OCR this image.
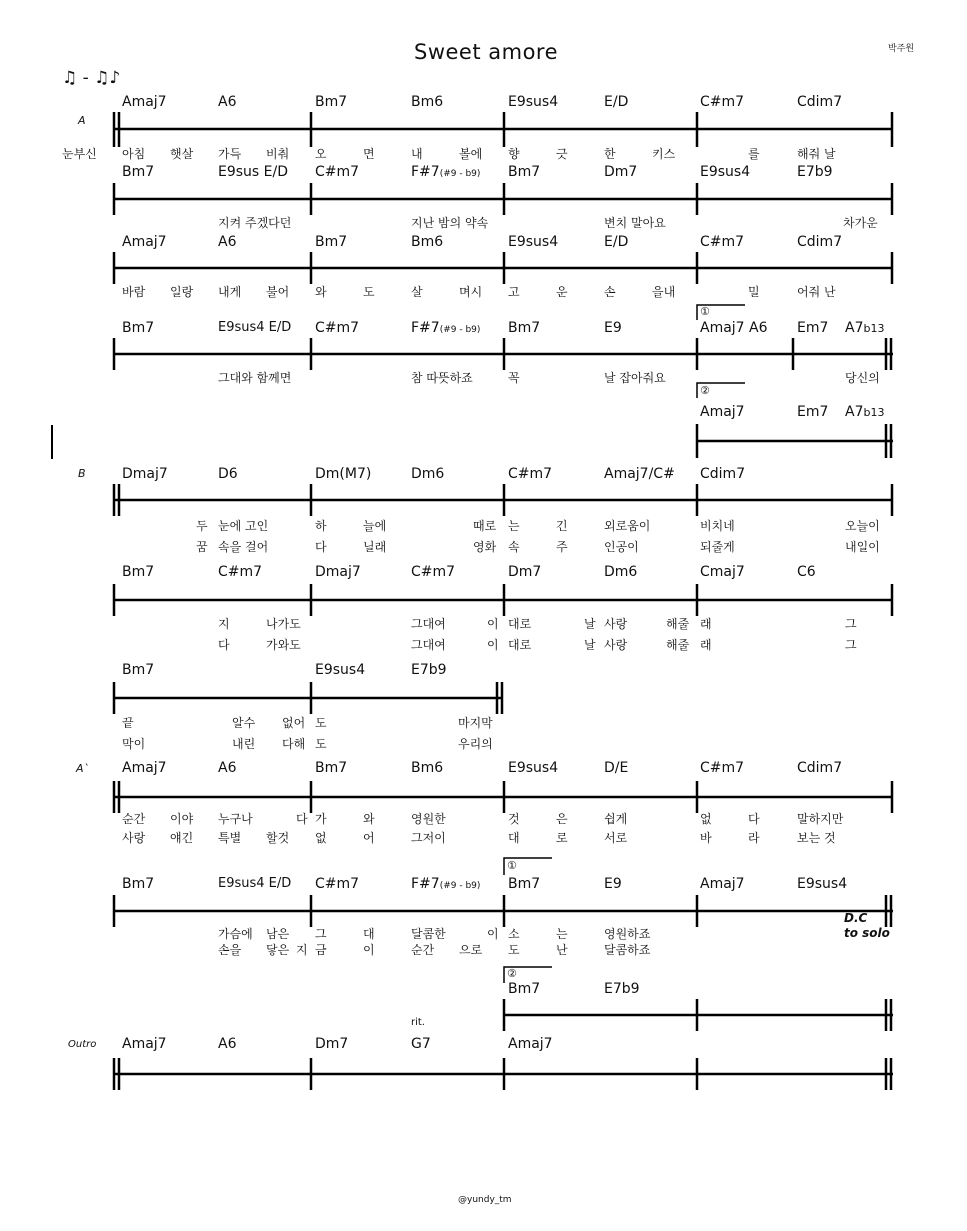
Sweet amore	박주원
♫ - ♫♪
A
B
A`
Outro
Amaj7	A6	Bm7	Bm6	E9sus4	E/D	C#m7	Cdim7
눈부신 아침 햇살 가득 비춰 오	면	내	볼에 향	긋	한	키스	를	해줘 날
Bm7	E9sus E/D C#m7	F#7(#9 - b9) Bm7	Dm7	E9sus4	E7b9
지켜 주겠다던	지난 밤의 약속	변치 말아요	차가운
Amaj7	A6	Bm7	Bm6	E9sus4	E/D	C#m7	Cdim7
바람 일랑 내게 불어 와	도	살	며시 고	운	손	을내	밀	어줘 난
①
Bm7	E9sus4 E/D C#m7	F#7(#9 - b9) Bm7	E9	Amaj7 A6 Em7 A7b13
그대와 함께면	참 따뜻하죠	꼭	날 잡아줘요	당신의
②
Amaj7	Em7 A7b13
Dmaj7	D6	Dm(M7)	Dm6	C#m7	Amaj7/C# Cdim7
두 눈에 고인	하	늘에	때로 는	긴	외로움이	비치네	오늘이
꿈 속을 걸어	다	닐래	영화 속	주	인공이	되줄게	내일이
Bm7	C#m7	Dmaj7	C#m7	Dm7	Dm6	Cmaj7	C6
지	나가도	그대여	이 대로	날 사랑	해줄 래	그
다	가와도	그대여	이 대로	날 사랑	해줄 래	그
Bm7	E9sus4	E7b9
끝	알수 없어 도	마지막
막이	내린 다해 도	우리의
Amaj7	A6	Bm7	Bm6	E9sus4	D/E	C#m7	Cdim7
순간 이야 누구나	다 가	와	영원한	것	은	쉽게	없	다	말하지만
사랑 얘긴 특별 할것 없	어	그저이	대	로	서로	바	라	보는 것
①
Bm7	E9sus4 E/D C#m7	F#7(#9 - b9) Bm7	E9	Amaj7	E9sus4
D.C
to solo
가슴에 남은 그	대	달콤한	이 소	는	영원하죠
손을 닿은 지 금	이	순간 으로 도	난	달콤하죠
②
Bm7	E7b9
rit.
Amaj7	A6	Dm7	G7	Amaj7
@yundy_tm
